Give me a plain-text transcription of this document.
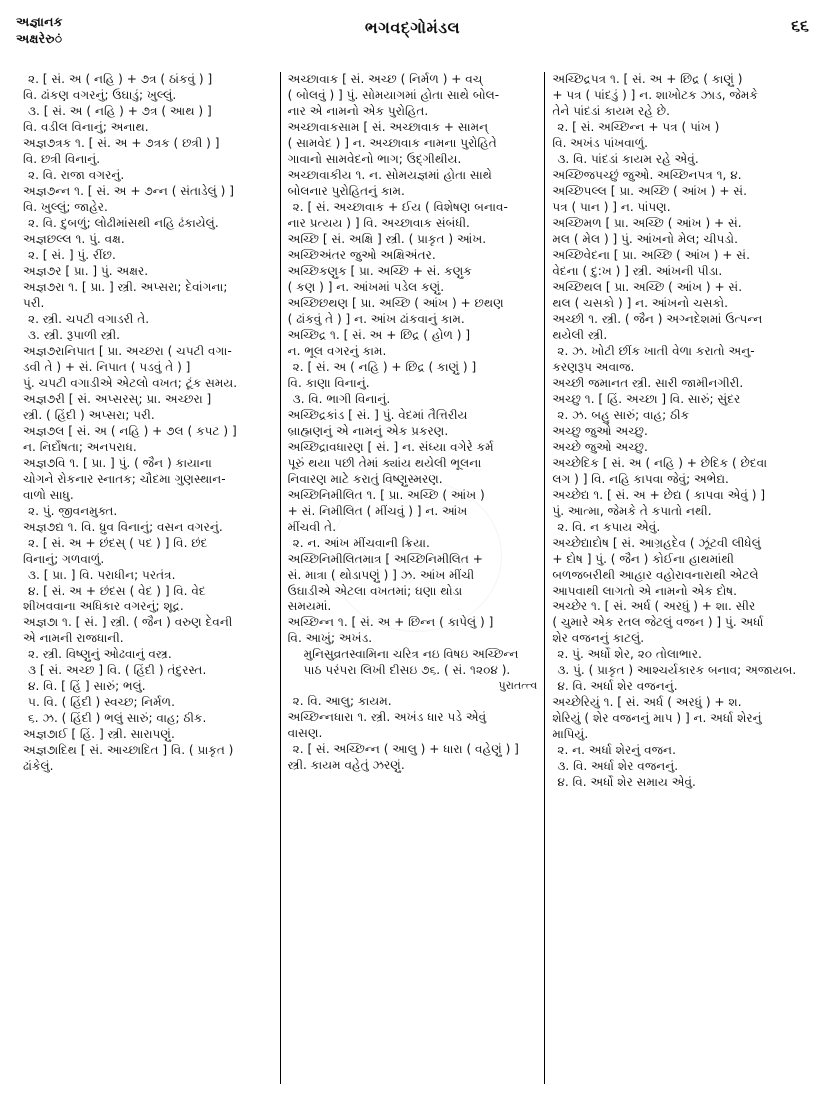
અજ્ઞાનક
અક્ષરેરુं
ભગવદ્ગોમંડલ	૬૬

૨. [ સં. અ ( નહિ ) + ૭ત્ર ( ઠાંકવું ) ]

વિ. ઢાંકણ વગરનું; ઉઘાડું; ખુલ્લું.

૩. [ સં. અ ( નહિ ) + ૭ત્ર ( આથ ) ]

વિ. વડીલ વિનાનું; અનાથ.

અજ્ઞ૭ત્રક ૧. [ સં. અ + ૭ત્રક ( છત્રી ) ]

વિ. છત્રી વિનાનું.

૨. વિ. રાજા વગરનું.

અજ્ઞ૭ન્ન ૧. [ સં. અ + ૭ન્ન ( સંતાડેલું ) ]

વિ. ખુલ્લું; જાહેર.

૨. વિ. દુબળું; લોઢીમાંસથી નહિ ઢંકાયેલું.

અજ્ઞછલ્લ ૧. પું. વક્ષ.

૨. [ સં. ] પું. રીંછ.

અજ્ઞ૭ર [ પ્રા. ] પું. અક્ષર.

અજ્ઞ૭રા ૧. [ પ્રા. ] સ્ત્રી. અપ્સરા; દેવાંગના;

પરી.

૨. સ્ત્રી. ચપટી વગાડરી તે.

૩. સ્ત્રી. રૂપાળી સ્ત્રી.

અજ્ઞ૭રાનિપાત [ પ્રા. અચ્છરા ( ચપટી વગા-

ડવી તે ) + સં. નિપાત ( પડવું તે ) ]

પું. ચપટી વગાડીએ એટલો વખત; ટૂંક સમય.

અજ્ઞ૭રી [ સં. અપ્સરસ્; પ્રા. અચ્છરા ]

સ્ત્રી. ( હિંદી ) અપ્સરા; પરી.

અજ્ઞ૭લ [ સં. અ ( નહિ ) + ૭લ ( કપટ ) ]

ન. નિર્દોષતા; અનપરાધ.

અજ્ઞ૭વિ ૧. [ પ્રા. ] પું. ( જૈન ) કાયાના

ચોગને રોકનાર સ્નાતક; ચૌદમા ગુણસ્થાન-

વાળો સાધુ.

૨. પું. જીવનમુક્ત.

અજ્ઞ૭દ્ય ૧. વિ. ધ્રુવ વિનાનું; વસન વગરનું.

૨. [ સં. અ + છંદસ્ ( પદ ) ] વિ. છંદ

વિનાનું; ગળવાળું.

૩. [ પ્રા. ] વિ. પરાધીન; પરતંત્ર.

૪. [ સં. અ + છંદસ ( વેદ ) ] વિ. વેદ

શીખવવાના અધિકાર વગરનું; શૂદ્ર.

અજ્ઞ૭ા ૧. [ સં. ] સ્ત્રી. ( જૈન ) વરુણ દેવની

એ નામની રાજધાની.

૨. સ્ત્રી. વિષ્ણુનું ઓઢવાનું વસ્ત્ર.

૩ [ સં. અચ્છ ] વિ. ( હિંદી ) તંદુરસ્ત.

૪. વિ. [ હિં ] સારું; ભલું.

૫. વિ. ( હિંદી ) સ્વચ્છ; નિર્મળ.

૬. ઝ. ( હિંદી ) ભલું સારું; વાહ; ઠીક.

અજ્ઞ૭ાઈ [ હિં. ] સ્ત્રી. સારાપણું.

અજ્ઞ૭ાદિથ [ સં. આચ્છાદિત ] વિ. ( પ્રાકૃત )

ઢાંકેલું.

અચ્છાવાક [ સં. અચ્છ ( નિર્મળ ) + વચ્

( બોલવું ) ] પું. સોમયાગમાં હોતા સાથે બોલ-

નાર એ નામનો એક પુરોહિત.

અચ્છાવાકસામ [ સં. અચ્છાવાક + સામન્

( સામવેદ ) ] ન. અચ્છાવાક નામના પુરોહિતે

ગાવાનો સામવેદનો ભાગ; ઉદ્ગીથીય.

અચ્છાવાકીય ૧. ન. સોમયજ્ઞમાં હોતા સાથે

બોલનાર પુરોહિતનું કામ.

૨. [ સં. અચ્છાવાક + ઈય ( વિશેષણ બનાવ-

નાર પ્રત્યય ) ] વિ. અચ્છાવાક સંબંધી.

અચ્છિ [ સં. અક્ષિ ] સ્ત્રી. ( પ્રાકૃત ) આંખ.

અચ્છિઅંતર જુઓ અક્ષિઅંતર.

અચ્છિકણુક [ પ્રા. અચ્છિ + સં. કણુક

( કણ ) ] ન. આંખમાં પડેલ કણું.

અચ્છિછથણ [ પ્રા. અચ્છિ ( આંખ ) + છથણ

( ઢાંકવું તે ) ] ન. આંખ ઢાંકવાનું કામ.

અચ્છિદ્ર ૧. [ સં. અ + છિદ્ર ( હોળ ) ]

ન. ભૂલ વગરનું કામ.

૨. [ સં. અ ( નહિ ) + છિદ્ર ( કાણું ) ]

વિ. કાણા વિનાનું.

૩. વિ. ભાગી વિનાનું.

અચ્છિદ્રકાંડ [ સં. ] પું. વેદમાં તૈત્તિરીય

બ્રાહ્મણનું એ નામનું એક પ્રકરણ.

અચ્છિદ્રાવધારણ [ સં. ] ન. સંધ્યા વગેરે કર્મ

પૂરું થયા પછી તેમાં ક્યાંય થયેલી ભૂલના

નિવારણ માટે કરાતું વિષ્ણુસ્મરણ.

અચ્છિનિમીલિત ૧. [ પ્રા. અચ્છિ ( આંખ )

+ સં. નિમીલિત ( મીંચવું ) ] ન. આંખ

મીંચવી તે.

૨. ન. આંખ મીંચવાની ક્રિયા.

અચ્છિનિમીલિતમાત્ર [ અચ્છિનિમીલિત +

સં. માત્રા ( થોડાપણું ) ] ઝ. આંખ મીંચી

ઉઘાડીએ એટલા વખતમાં; ઘણા થોડા

સમયમાં.

અચ્છિન્ન ૧. [ સં. અ + છિન્ન ( કાપેલું ) ]

વિ. આખું; અખંડ.

મુનિસુવ્રતસ્વામિના ચરિત્ર નઇ વિષઇ અચ્છિન્ન

પાઠ પરંપરા લિખી દીસઇ ૭૬. ( સં. ૧૨૦૪ ).

પુરાતત્ત્વ

૨. વિ. આલુ; કાયમ.

અચ્છિન્નધારા ૧. સ્ત્રી. અખંડ ધાર પડે એવું

વાસણ.

૨. [ સં. અચ્છિન્ન ( આલુ ) + ધારા ( વહેણું ) ]

સ્ત્રી. કાયમ વહેતું ઝરણું.

અચ્છિદ્રપત્ર ૧. [ સં. અ + છિદ્ર ( કાણું )

+ પત્ર ( પાંદડું ) ] ન. શાખોટક ઝાડ, જેમકે

તેને પાંદડાં કાયમ રહે છે.

૨. [ સં. અચ્છિન્ન + પત્ર ( પાંખ )

વિ. અખંડ પાંખવાળું.

૩. વિ. પાંદડાં કાયમ રહે એવું.

અચ્છિજપચ્છું જુઓ. અચ્છિનપત્ર ૧, ૪.

અચ્છિપલ્લ [ પ્રા. અચ્છિ ( આંખ ) + સં.

પત્ર ( પાન ) ] ન. પાંપણ.

અચ્છિમળ [ પ્રા. અચ્છિ ( આંખ ) + સં.

મલ ( મેલ ) ] પું. આંખનો મેલ; ચીપડો.

અચ્છિવેદના [ પ્રા. અચ્છિ ( આંખ ) + સં.

વેદના ( દુ:ખ ) ] સ્ત્રી. આંખની પીડા.

અચ્છિથલ [ પ્રા. અચ્છિ ( આંખ ) + સં.

થલ ( ચસકો ) ] ન. આંખનો ચસકો.

અચ્છી ૧. સ્ત્રી. ( જૈન ) અગ્નદેશમાં ઉત્પન્ન

થયેલી સ્ત્રી.

૨. ઝ. ખોટી છીંક ખાતી વેળા કરાતો અનુ-

કરણરૂપ અવાજ.

અચ્છી જમાનત સ્ત્રી. સારી જામીનગીરી.

અચ્છુ ૧. [ હિં. અચ્છા ] વિ. સારું; સુંદર

૨. ઝ. બહુ સારું; વાહ; ઠીક

અચ્છુ જુઓ અચ્છુ.

અચ્છે જુઓ અચ્છુ.

અચ્છેદિક [ સં. અ ( નહિ ) + છેદિક ( છેદવા

લગ ) ] વિ. નહિ કાપવા જેવું; અભેદ્ય.

અચ્છેદ્ય ૧. [ સં. અ + છેદ્ય ( કાપવા એવું ) ]

પું. આત્મા, જેમકે તે કપાતો નથી.

૨. વિ. ન કપાય એવું.

અચ્છેદ્યાદોષ [ સં. આગ્રહદેવ ( ઝૂંટવી લીધેલું

+ દોષ ] પું. ( જૈન ) કોઈના હાથમાંથી

બળજબરીથી આહાર વહોરાવનારાથી એટલે

આપવાથી લાગતો એ નામનો એક દોષ.

અચ્છેર ૧. [ સં. અર્ધ ( અરધું ) + શા. સીર

( ચુમારે એક રતલ જેટલું વજન ) ] પું. અર્ધા

શેર વજનનું કાટલું.

૨. પું. અર્ધો શેર, ૨૦ તોલાભાર.

૩. પું. ( પ્રાકૃત ) આશ્ચર્યકારક બનાવ; અજાયબ.

૪. વિ. અર્ધા શેર વજનનું.

અચ્છેરિયું ૧. [ સં. અર્ધ ( અરધું ) + શ.

શેરિયું ( શેર વજનનું માપ ) ] ન. અર્ધા શેરનું

માપિયું.

૨. ન. અર્ધા શેરનું વજન.

૩. વિ. અર્ધા શેર વજનનું.

૪. વિ. અર્ધો શેર સમાય એવું.
